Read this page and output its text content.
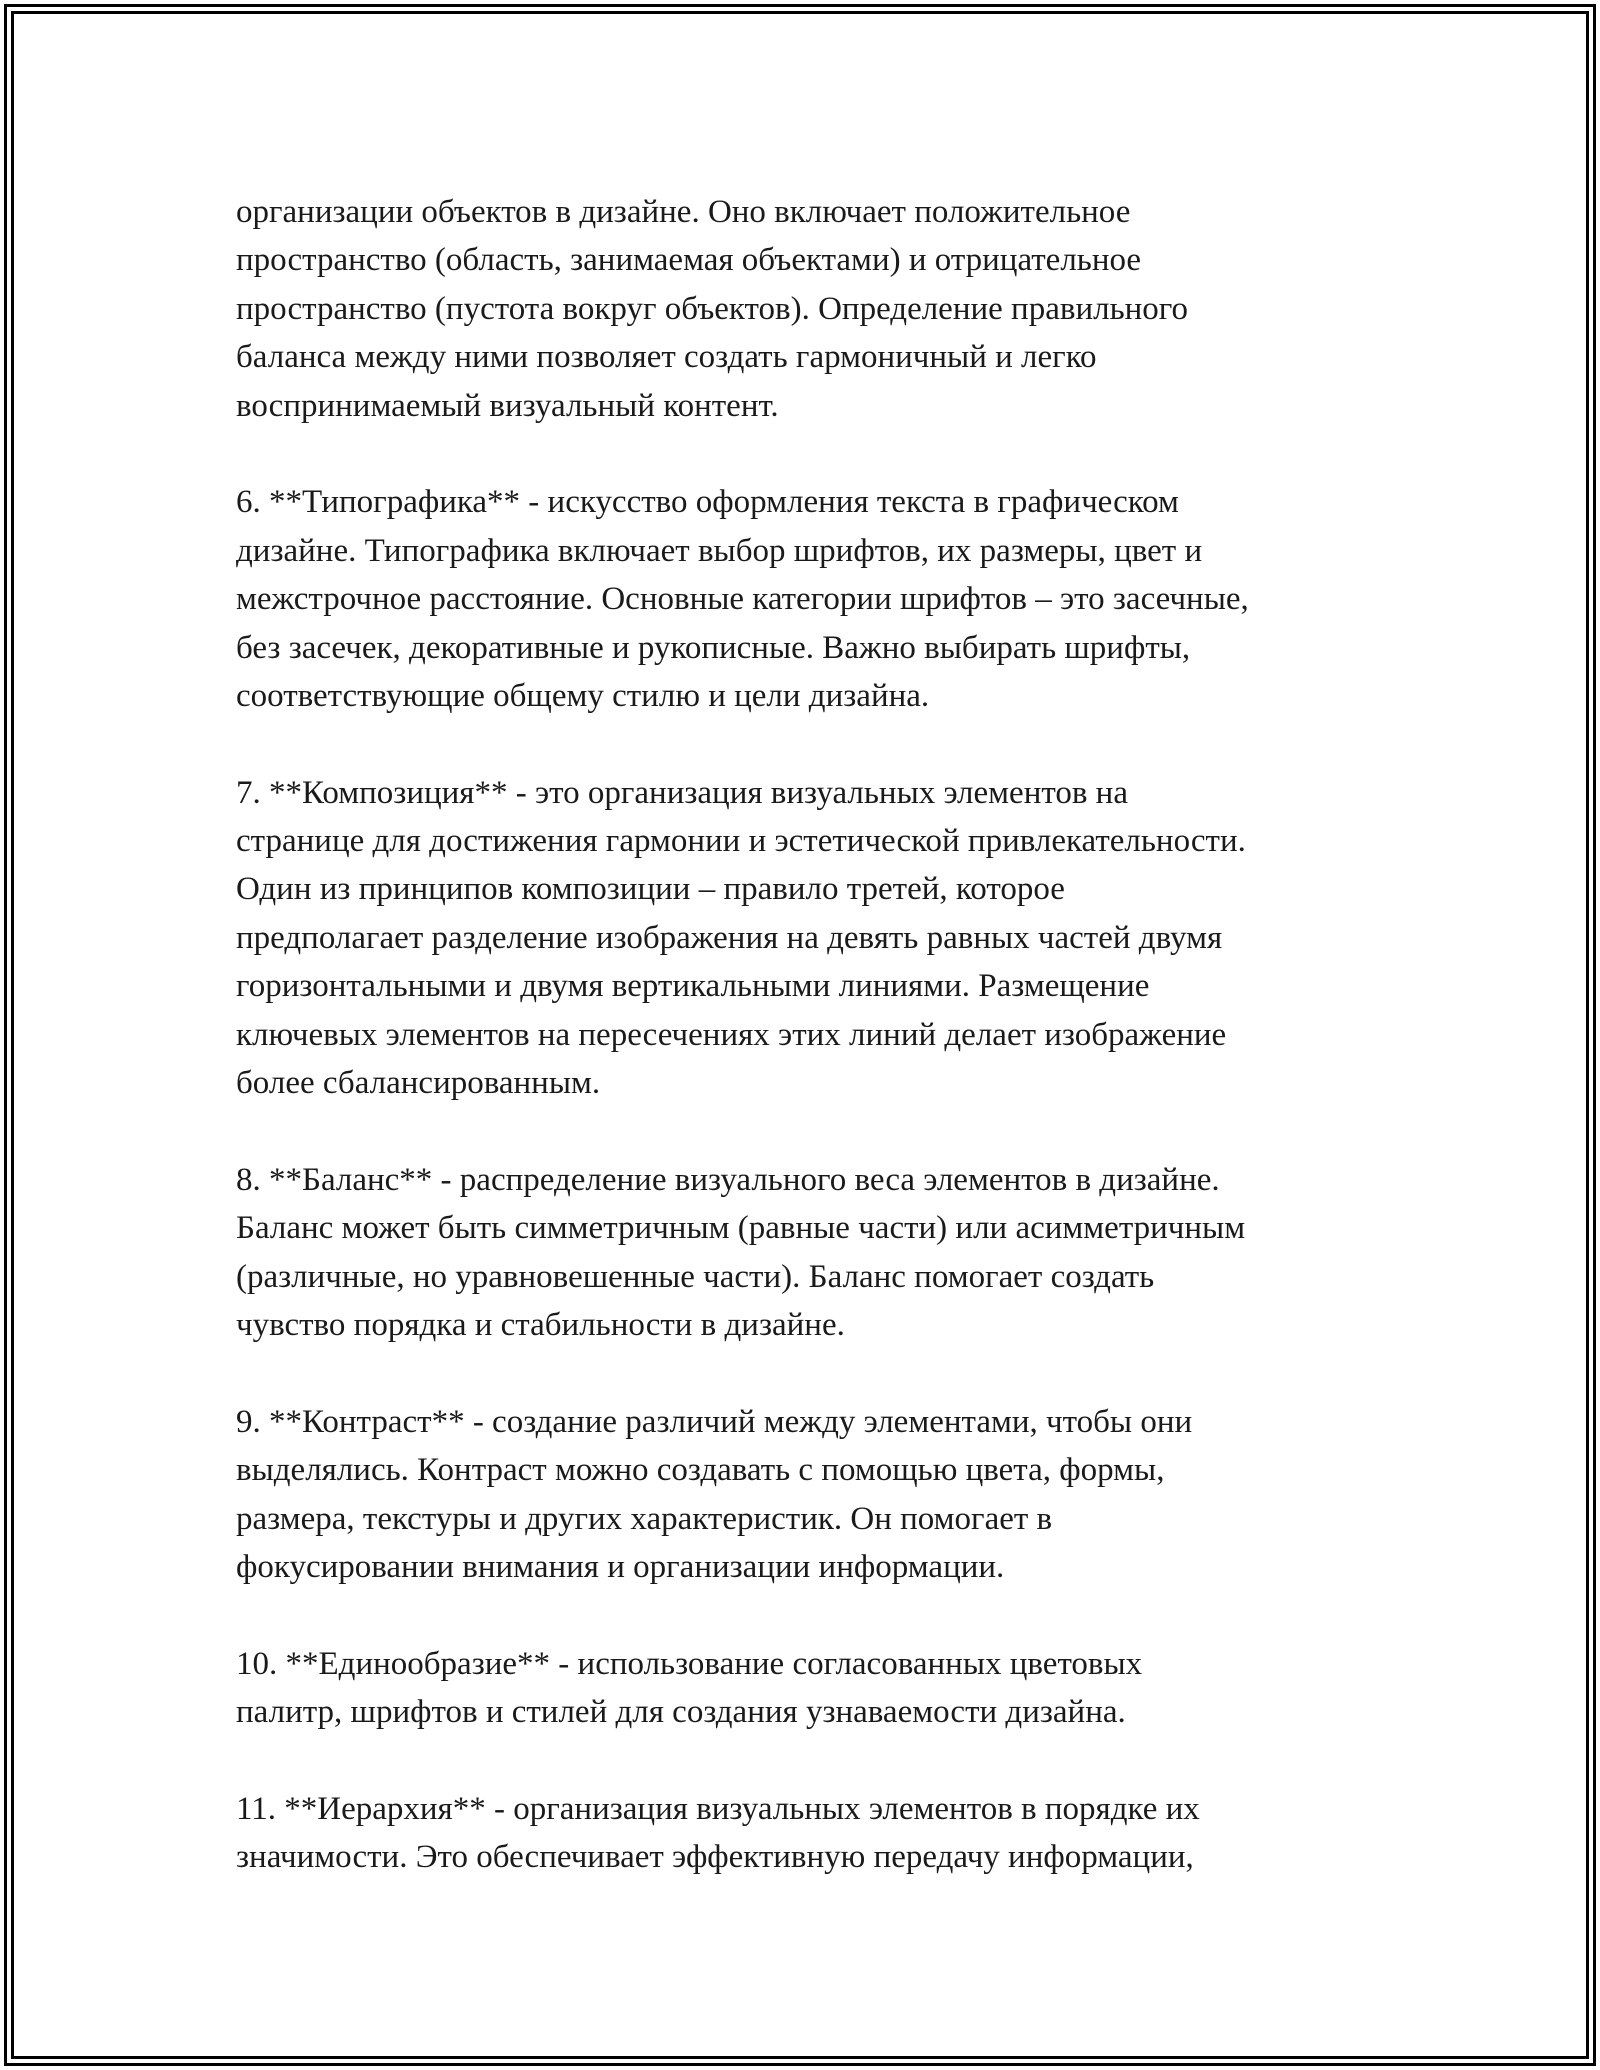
организации объектов в дизайне. Оно включает положительное
пространство (область, занимаемая объектами) и отрицательное
пространство (пустота вокруг объектов). Определение правильного
баланса между ними позволяет создать гармоничный и легко
воспринимаемый визуальный контент.
6. **Типографика** - искусство оформления текста в графическом
дизайне. Типографика включает выбор шрифтов, их размеры, цвет и
межстрочное расстояние. Основные категории шрифтов – это засечные,
без засечек, декоративные и рукописные. Важно выбирать шрифты,
соответствующие общему стилю и цели дизайна.
7. **Композиция** - это организация визуальных элементов на
странице для достижения гармонии и эстетической привлекательности.
Один из принципов композиции – правило третей, которое
предполагает разделение изображения на девять равных частей двумя
горизонтальными и двумя вертикальными линиями. Размещение
ключевых элементов на пересечениях этих линий делает изображение
более сбалансированным.
8. **Баланс** - распределение визуального веса элементов в дизайне.
Баланс может быть симметричным (равные части) или асимметричным
(различные, но уравновешенные части). Баланс помогает создать
чувство порядка и стабильности в дизайне.
9. **Контраст** - создание различий между элементами, чтобы они
выделялись. Контраст можно создавать с помощью цвета, формы,
размера, текстуры и других характеристик. Он помогает в
фокусировании внимания и организации информации.
10. **Единообразие** - использование согласованных цветовых
палитр, шрифтов и стилей для создания узнаваемости дизайна.
11. **Иерархия** - организация визуальных элементов в порядке их
значимости. Это обеспечивает эффективную передачу информации,
